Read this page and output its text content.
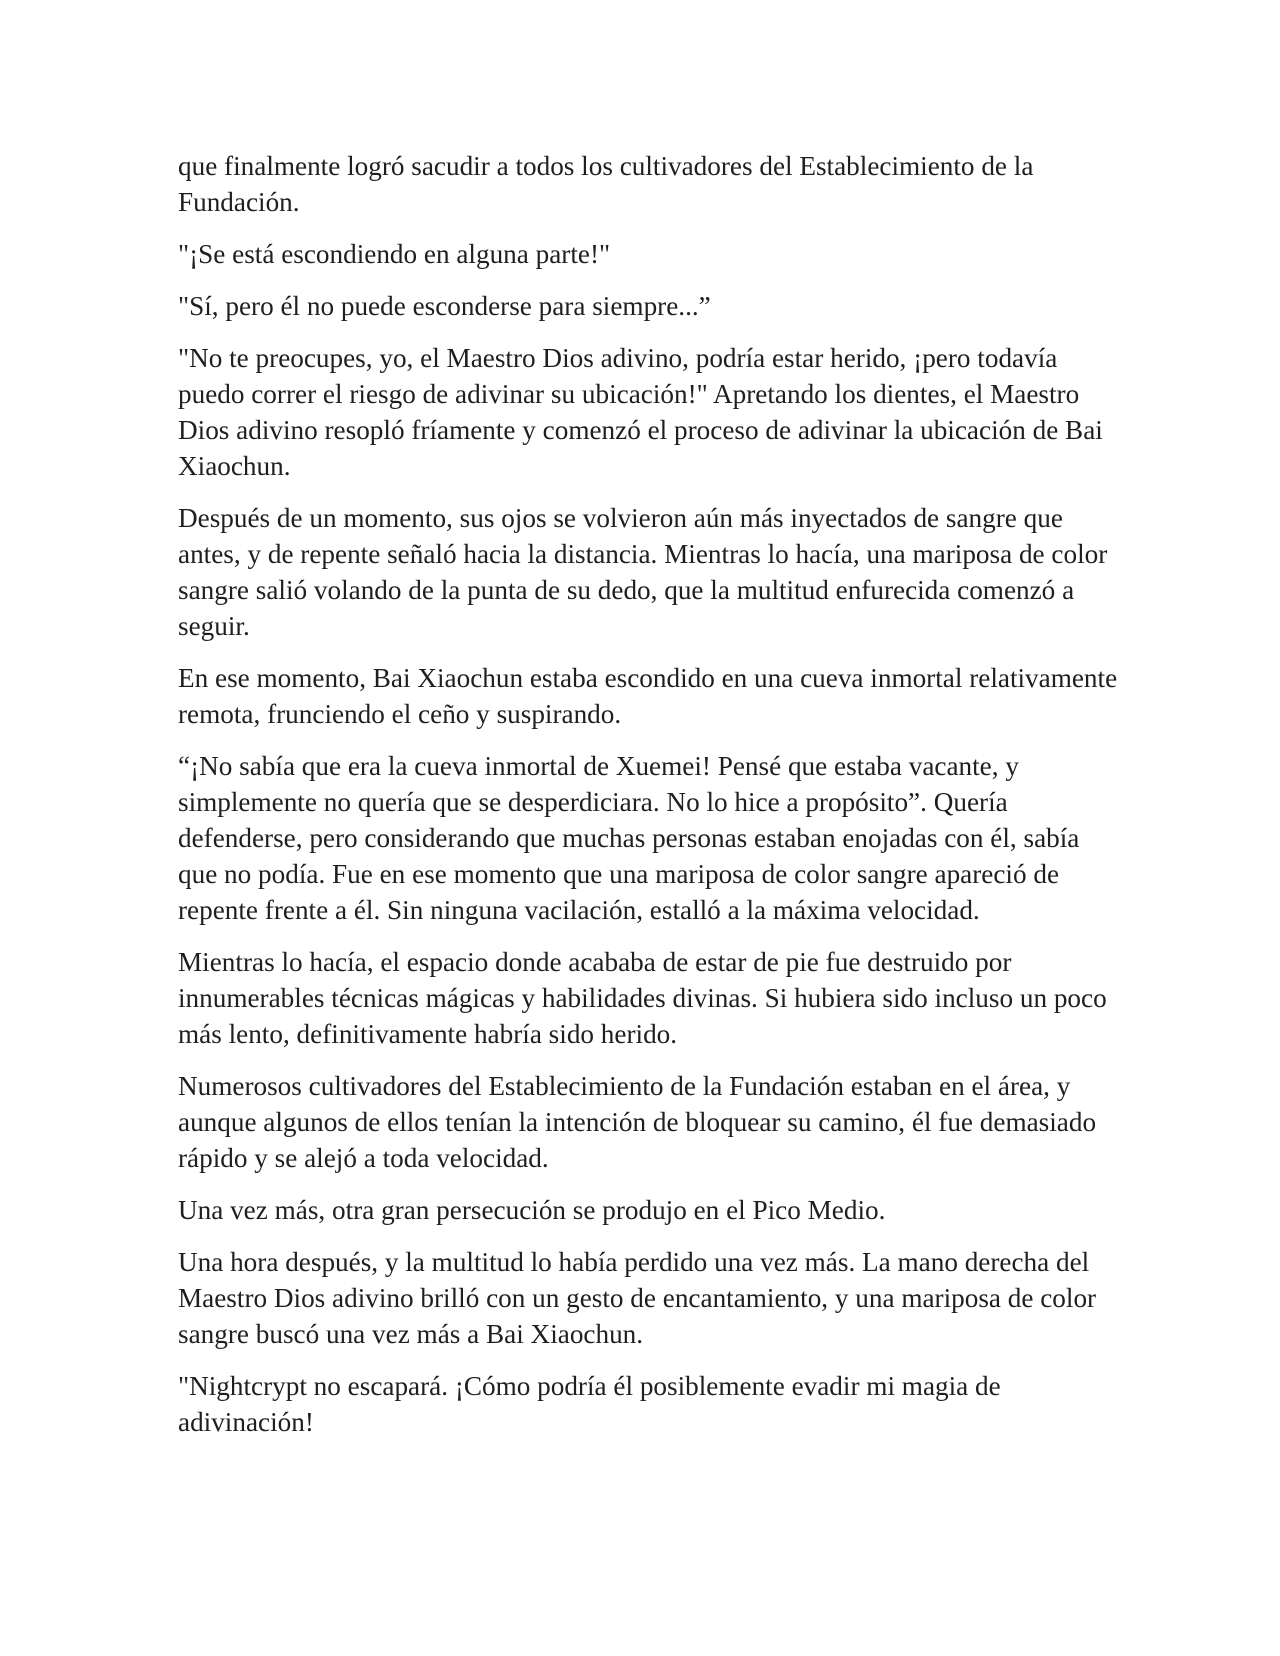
que finalmente logró sacudir a todos los cultivadores del Establecimiento de la Fundación.

"¡Se está escondiendo en alguna parte!"

"Sí, pero él no puede esconderse para siempre...”

"No te preocupes, yo, el Maestro Dios adivino, podría estar herido, ¡pero todavía puedo correr el riesgo de adivinar su ubicación!" Apretando los dientes, el Maestro Dios adivino resopló fríamente y comenzó el proceso de adivinar la ubicación de Bai Xiaochun.

Después de un momento, sus ojos se volvieron aún más inyectados de sangre que antes, y de repente señaló hacia la distancia. Mientras lo hacía, una mariposa de color sangre salió volando de la punta de su dedo, que la multitud enfurecida comenzó a seguir.

En ese momento, Bai Xiaochun estaba escondido en una cueva inmortal relativamente remota, frunciendo el ceño y suspirando.

“¡No sabía que era la cueva inmortal de Xuemei! Pensé que estaba vacante, y simplemente no quería que se desperdiciara. No lo hice a propósito”. Quería defenderse, pero considerando que muchas personas estaban enojadas con él, sabía que no podía. Fue en ese momento que una mariposa de color sangre apareció de repente frente a él. Sin ninguna vacilación, estalló a la máxima velocidad.

Mientras lo hacía, el espacio donde acababa de estar de pie fue destruido por innumerables técnicas mágicas y habilidades divinas. Si hubiera sido incluso un poco más lento, definitivamente habría sido herido.

Numerosos cultivadores del Establecimiento de la Fundación estaban en el área, y aunque algunos de ellos tenían la intención de bloquear su camino, él fue demasiado rápido y se alejó a toda velocidad.

Una vez más, otra gran persecución se produjo en el Pico Medio.

Una hora después, y la multitud lo había perdido una vez más. La mano derecha del Maestro Dios adivino brilló con un gesto de encantamiento, y una mariposa de color sangre buscó una vez más a Bai Xiaochun.

"Nightcrypt no escapará. ¡Cómo podría él posiblemente evadir mi magia de adivinación!
